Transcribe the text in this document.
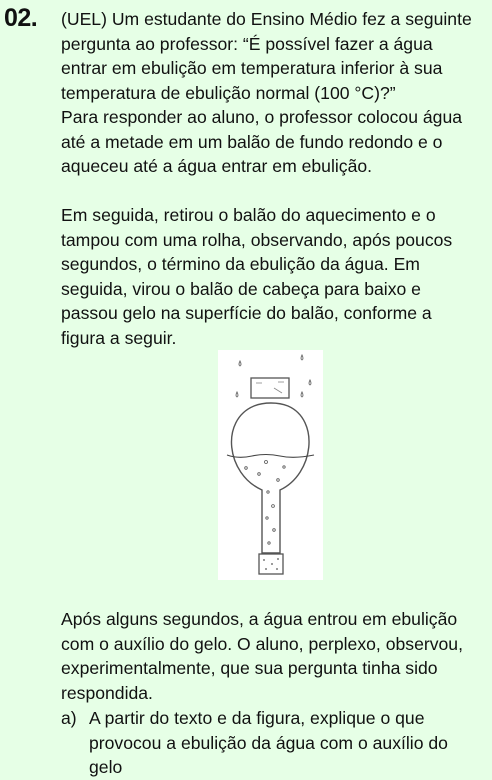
02. (UEL) Um estudante do Ensino Médio fez a seguinte
pergunta ao professor: “É possível fazer a água
entrar em ebulição em temperatura inferior à sua
temperatura de ebulição normal (100 °C)?”
Para responder ao aluno, o professor colocou água
até a metade em um balão de fundo redondo e o
aqueceu até a água entrar em ebulição.

Em seguida, retirou o balão do aquecimento e o
tampou com uma rolha, observando, após poucos
segundos, o término da ebulição da água. Em
seguida, virou o balão de cabeça para baixo e
passou gelo na superfície do balão, conforme a
figura a seguir.

Após alguns segundos, a água entrou em ebulição
com o auxílio do gelo. O aluno, perplexo, observou,
experimentalmente, que sua pergunta tinha sido
respondida.

a) A partir do texto e da figura, explique o que
provocou a ebulição da água com o auxílio do
gelo
